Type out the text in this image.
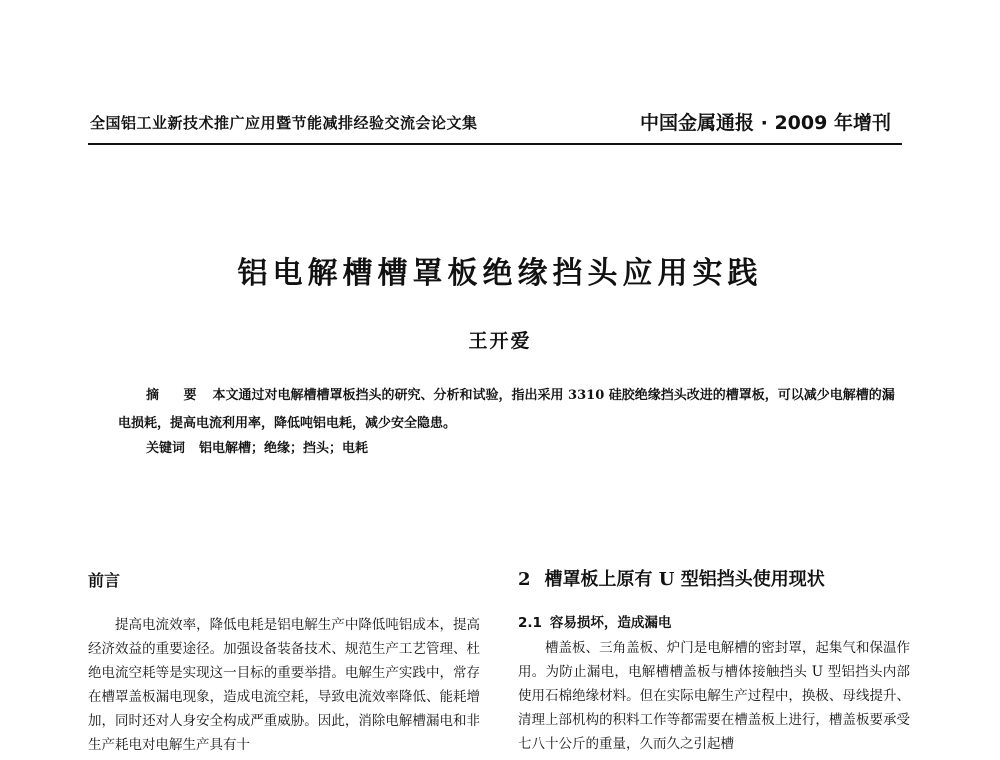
全国铝工业新技术推广应用暨节能减排经验交流会论文集	中国金属通报 · 2009 年增刊
铝电解槽槽罩板绝缘挡头应用实践
王开爱
摘 要 本文通过对电解槽槽罩板挡头的研究、分析和试验，指出采用 3310 硅胶绝缘挡头改进的槽罩板，可以减少电解槽的漏电损耗，提高电流利用率，降低吨铝电耗，减少安全隐患。
关键词 铝电解槽；绝缘；挡头；电耗
前言

提高电流效率，降低电耗是铝电解生产中降低吨铝成本，提高经济效益的重要途径。加强设备装备技术、规范生产工艺管理、杜绝电流空耗等是实现这一目标的重要举措。电解生产实践中，常存在槽罩盖板漏电现象，造成电流空耗，导致电流效率降低、能耗增加，同时还对人身安全构成严重威胁。因此，消除电解槽漏电和非生产耗电对电解生产具有十

2 槽罩板上原有 U 型铝挡头使用现状
2.1 容易损坏，造成漏电

槽盖板、三角盖板、炉门是电解槽的密封罩，起集气和保温作用。为防止漏电，电解槽槽盖板与槽体接触挡头 U 型铝挡头内部使用石棉绝缘材料。但在实际电解生产过程中，换极、母线提升、清理上部机构的积料工作等都需要在槽盖板上进行，槽盖板要承受七八十公斤的重量，久而久之引起槽
